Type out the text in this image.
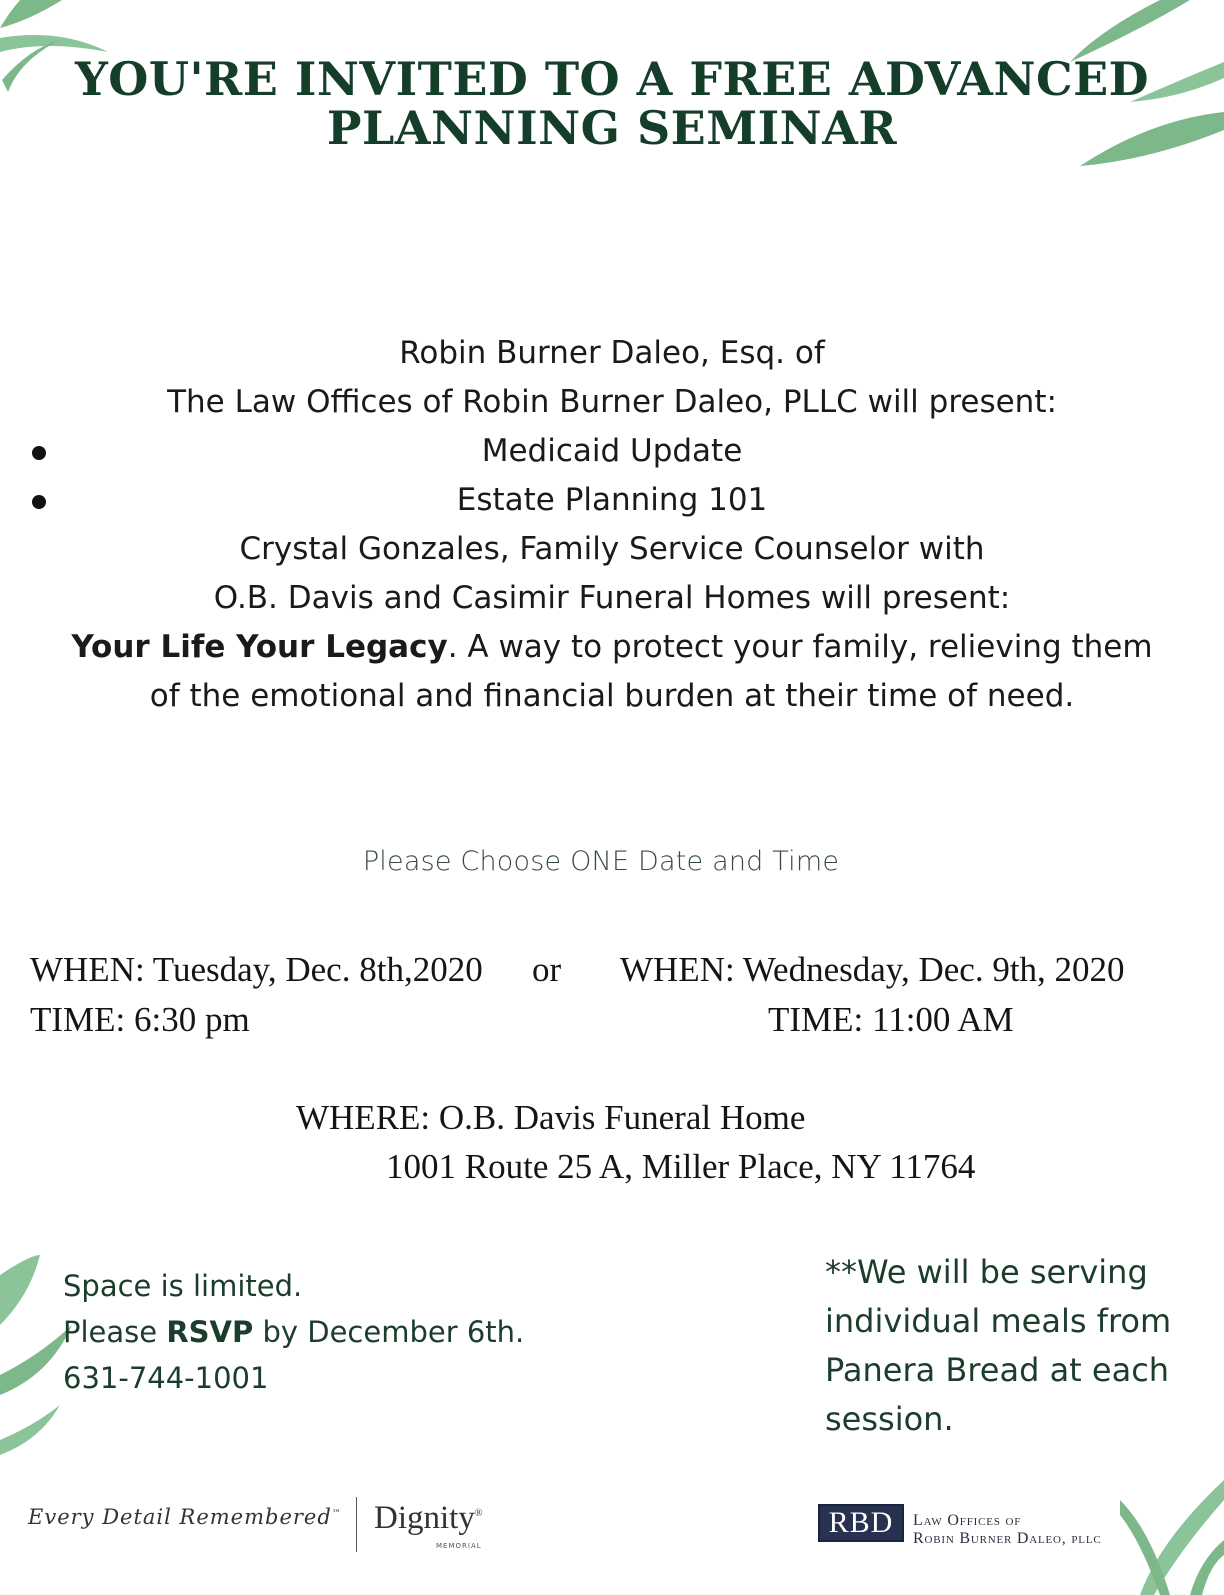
YOU'RE INVITED TO A FREE ADVANCED
PLANNING SEMINAR
Robin Burner Daleo, Esq. of
The Law Offices of Robin Burner Daleo, PLLC will present:
Medicaid Update
Estate Planning 101
Crystal Gonzales, Family Service Counselor with
O.B. Davis and Casimir Funeral Homes will present:
Your Life Your Legacy. A way to protect your family, relieving them
of the emotional and financial burden at their time of need.
Please Choose ONE Date and Time
WHEN: Tuesday, Dec. 8th,2020 or
TIME: 6:30 pm
WHEN: Wednesday, Dec. 9th, 2020
TIME: 11:00 AM
WHERE: O.B. Davis Funeral Home
1001 Route 25 A, Miller Place, NY 11764
Space is limited.
Please RSVP by December 6th.
631-744-1001
**We will be serving
individual meals from
Panera Bread at each
session.
Every Detail Remembered™ Dignity®
MEMORIAL
RBD	Law Offices of
Robin Burner Daleo, pllc
